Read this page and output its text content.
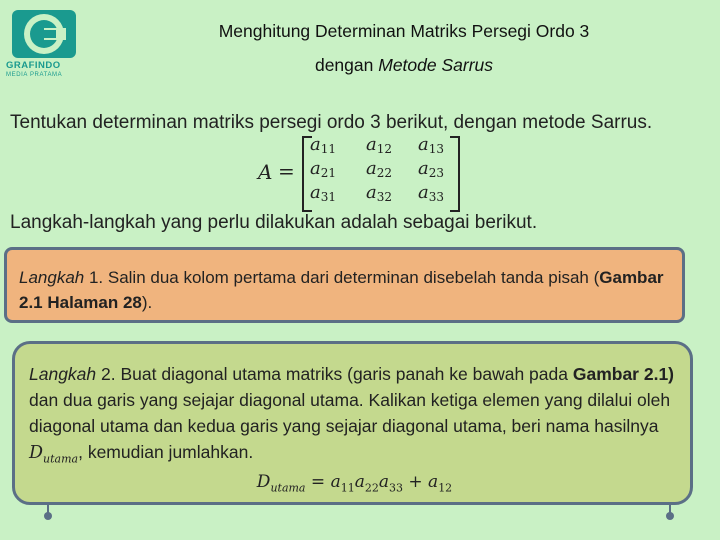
GRAFINDO
MEDIA PRATAMA
Menghitung Determinan Matriks Persegi Ordo 3
dengan Metode Sarrus
Tentukan determinan matriks persegi ordo 3 berikut, dengan metode Sarrus.
A =
$a_{11}$	$a_{12}$	$a_{13}$
$a_{21}$	$a_{22}$	$a_{23}$
$a_{31}$	$a_{32}$	$a_{33}$
Langkah-langkah yang perlu dilakukan adalah sebagai berikut.
Langkah 1. Salin dua kolom pertama dari determinan disebelah tanda pisah (Gambar 2.1 Halaman 28).
Langkah 2. Buat diagonal utama matriks (garis panah ke bawah pada Gambar 2.1) dan dua garis yang sejajar diagonal utama. Kalikan ketiga elemen yang dilalui oleh diagonal utama dan kedua garis yang sejajar diagonal utama, beri nama hasilnya $D_{utama}$, kemudian jumlahkan.
$D_{utama} = a_{11}a_{22}a_{33} + a_{12}$
